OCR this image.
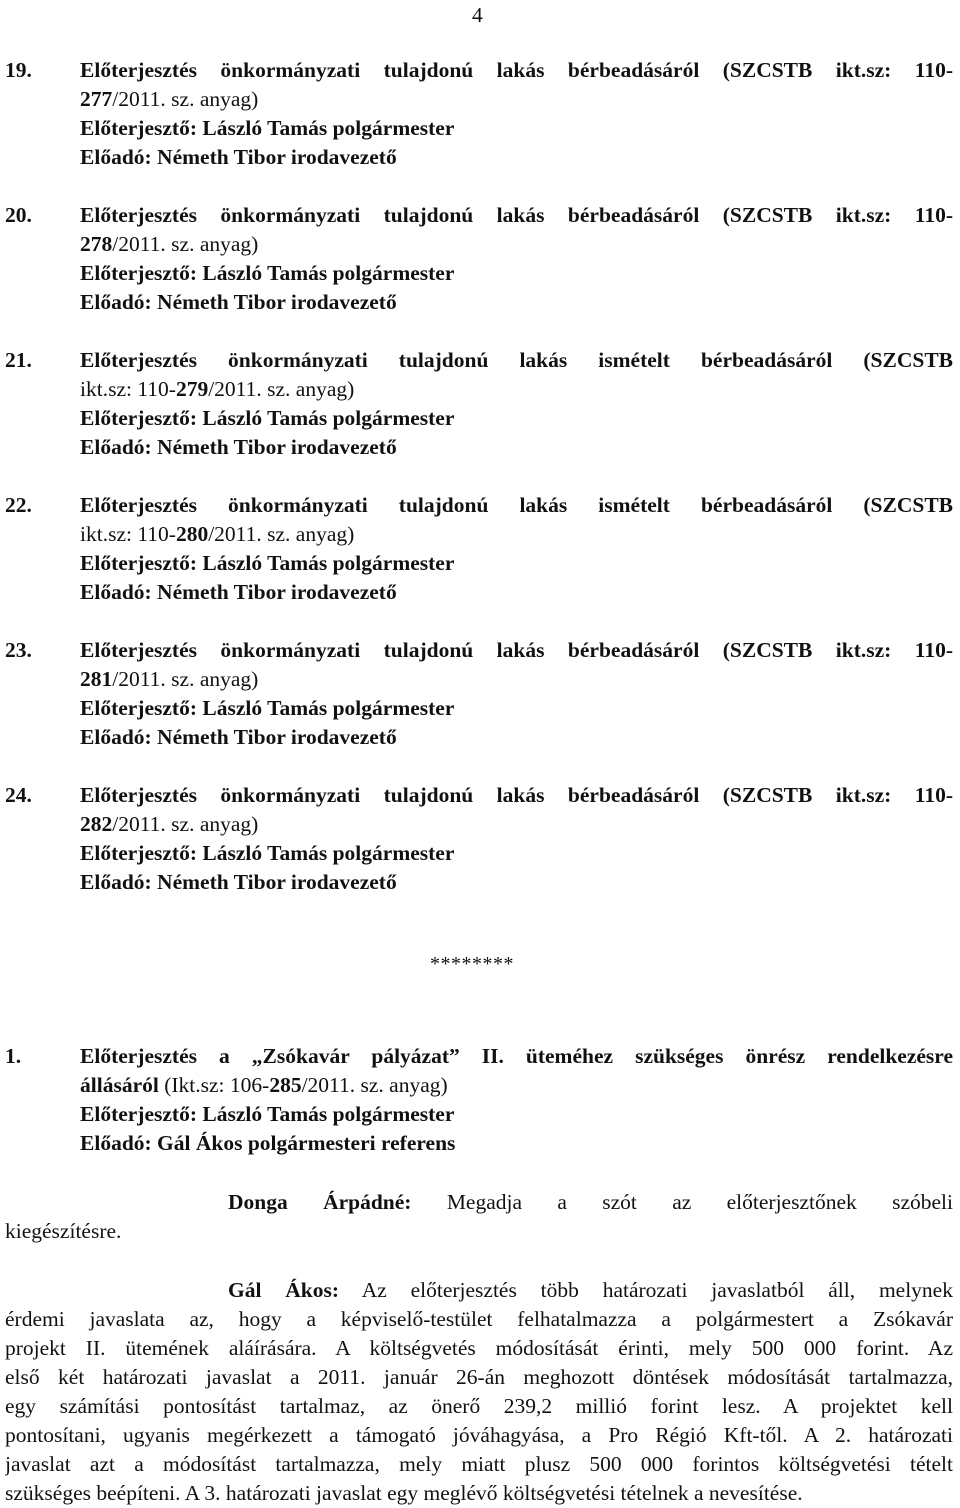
4
19. Előterjesztés önkormányzati tulajdonú lakás bérbeadásáról (SZCSTB ikt.sz: 110-
277/2011. sz. anyag)
Előterjesztő: László Tamás polgármester
Előadó: Németh Tibor irodavezető
20. Előterjesztés önkormányzati tulajdonú lakás bérbeadásáról (SZCSTB ikt.sz: 110-
278/2011. sz. anyag)
Előterjesztő: László Tamás polgármester
Előadó: Németh Tibor irodavezető
21. Előterjesztés önkormányzati tulajdonú lakás ismételt bérbeadásáról (SZCSTB
ikt.sz: 110-279/2011. sz. anyag)
Előterjesztő: László Tamás polgármester
Előadó: Németh Tibor irodavezető
22. Előterjesztés önkormányzati tulajdonú lakás ismételt bérbeadásáról (SZCSTB
ikt.sz: 110-280/2011. sz. anyag)
Előterjesztő: László Tamás polgármester
Előadó: Németh Tibor irodavezető
23. Előterjesztés önkormányzati tulajdonú lakás bérbeadásáról (SZCSTB ikt.sz: 110-
281/2011. sz. anyag)
Előterjesztő: László Tamás polgármester
Előadó: Németh Tibor irodavezető
24. Előterjesztés önkormányzati tulajdonú lakás bérbeadásáról (SZCSTB ikt.sz: 110-
282/2011. sz. anyag)
Előterjesztő: László Tamás polgármester
Előadó: Németh Tibor irodavezető
********
1.	Előterjesztés a „Zsókavár pályázat” II. üteméhez szükséges önrész rendelkezésre
állásáról (Ikt.sz: 106-285/2011. sz. anyag)
Előterjesztő: László Tamás polgármester
Előadó: Gál Ákos polgármesteri referens
Donga Árpádné: Megadja a szót az előterjesztőnek szóbeli
kiegészítésre.
Gál Ákos: Az előterjesztés több határozati javaslatból áll, melynek
érdemi javaslata az, hogy a képviselő-testület felhatalmazza a polgármestert a Zsókavár
projekt II. ütemének aláírására. A költségvetés módosítását érinti, mely 500 000 forint. Az
első két határozati javaslat a 2011. január 26-án meghozott döntések módosítását tartalmazza,
egy számítási pontosítást tartalmaz, az önerő 239,2 millió forint lesz. A projektet kell
pontosítani, ugyanis megérkezett a támogató jóváhagyása, a Pro Régió Kft-től. A 2. határozati
javaslat azt a módosítást tartalmazza, mely miatt plusz 500 000 forintos költségvetési tételt
szükséges beépíteni. A 3. határozati javaslat egy meglévő költségvetési tételnek a nevesítése.
